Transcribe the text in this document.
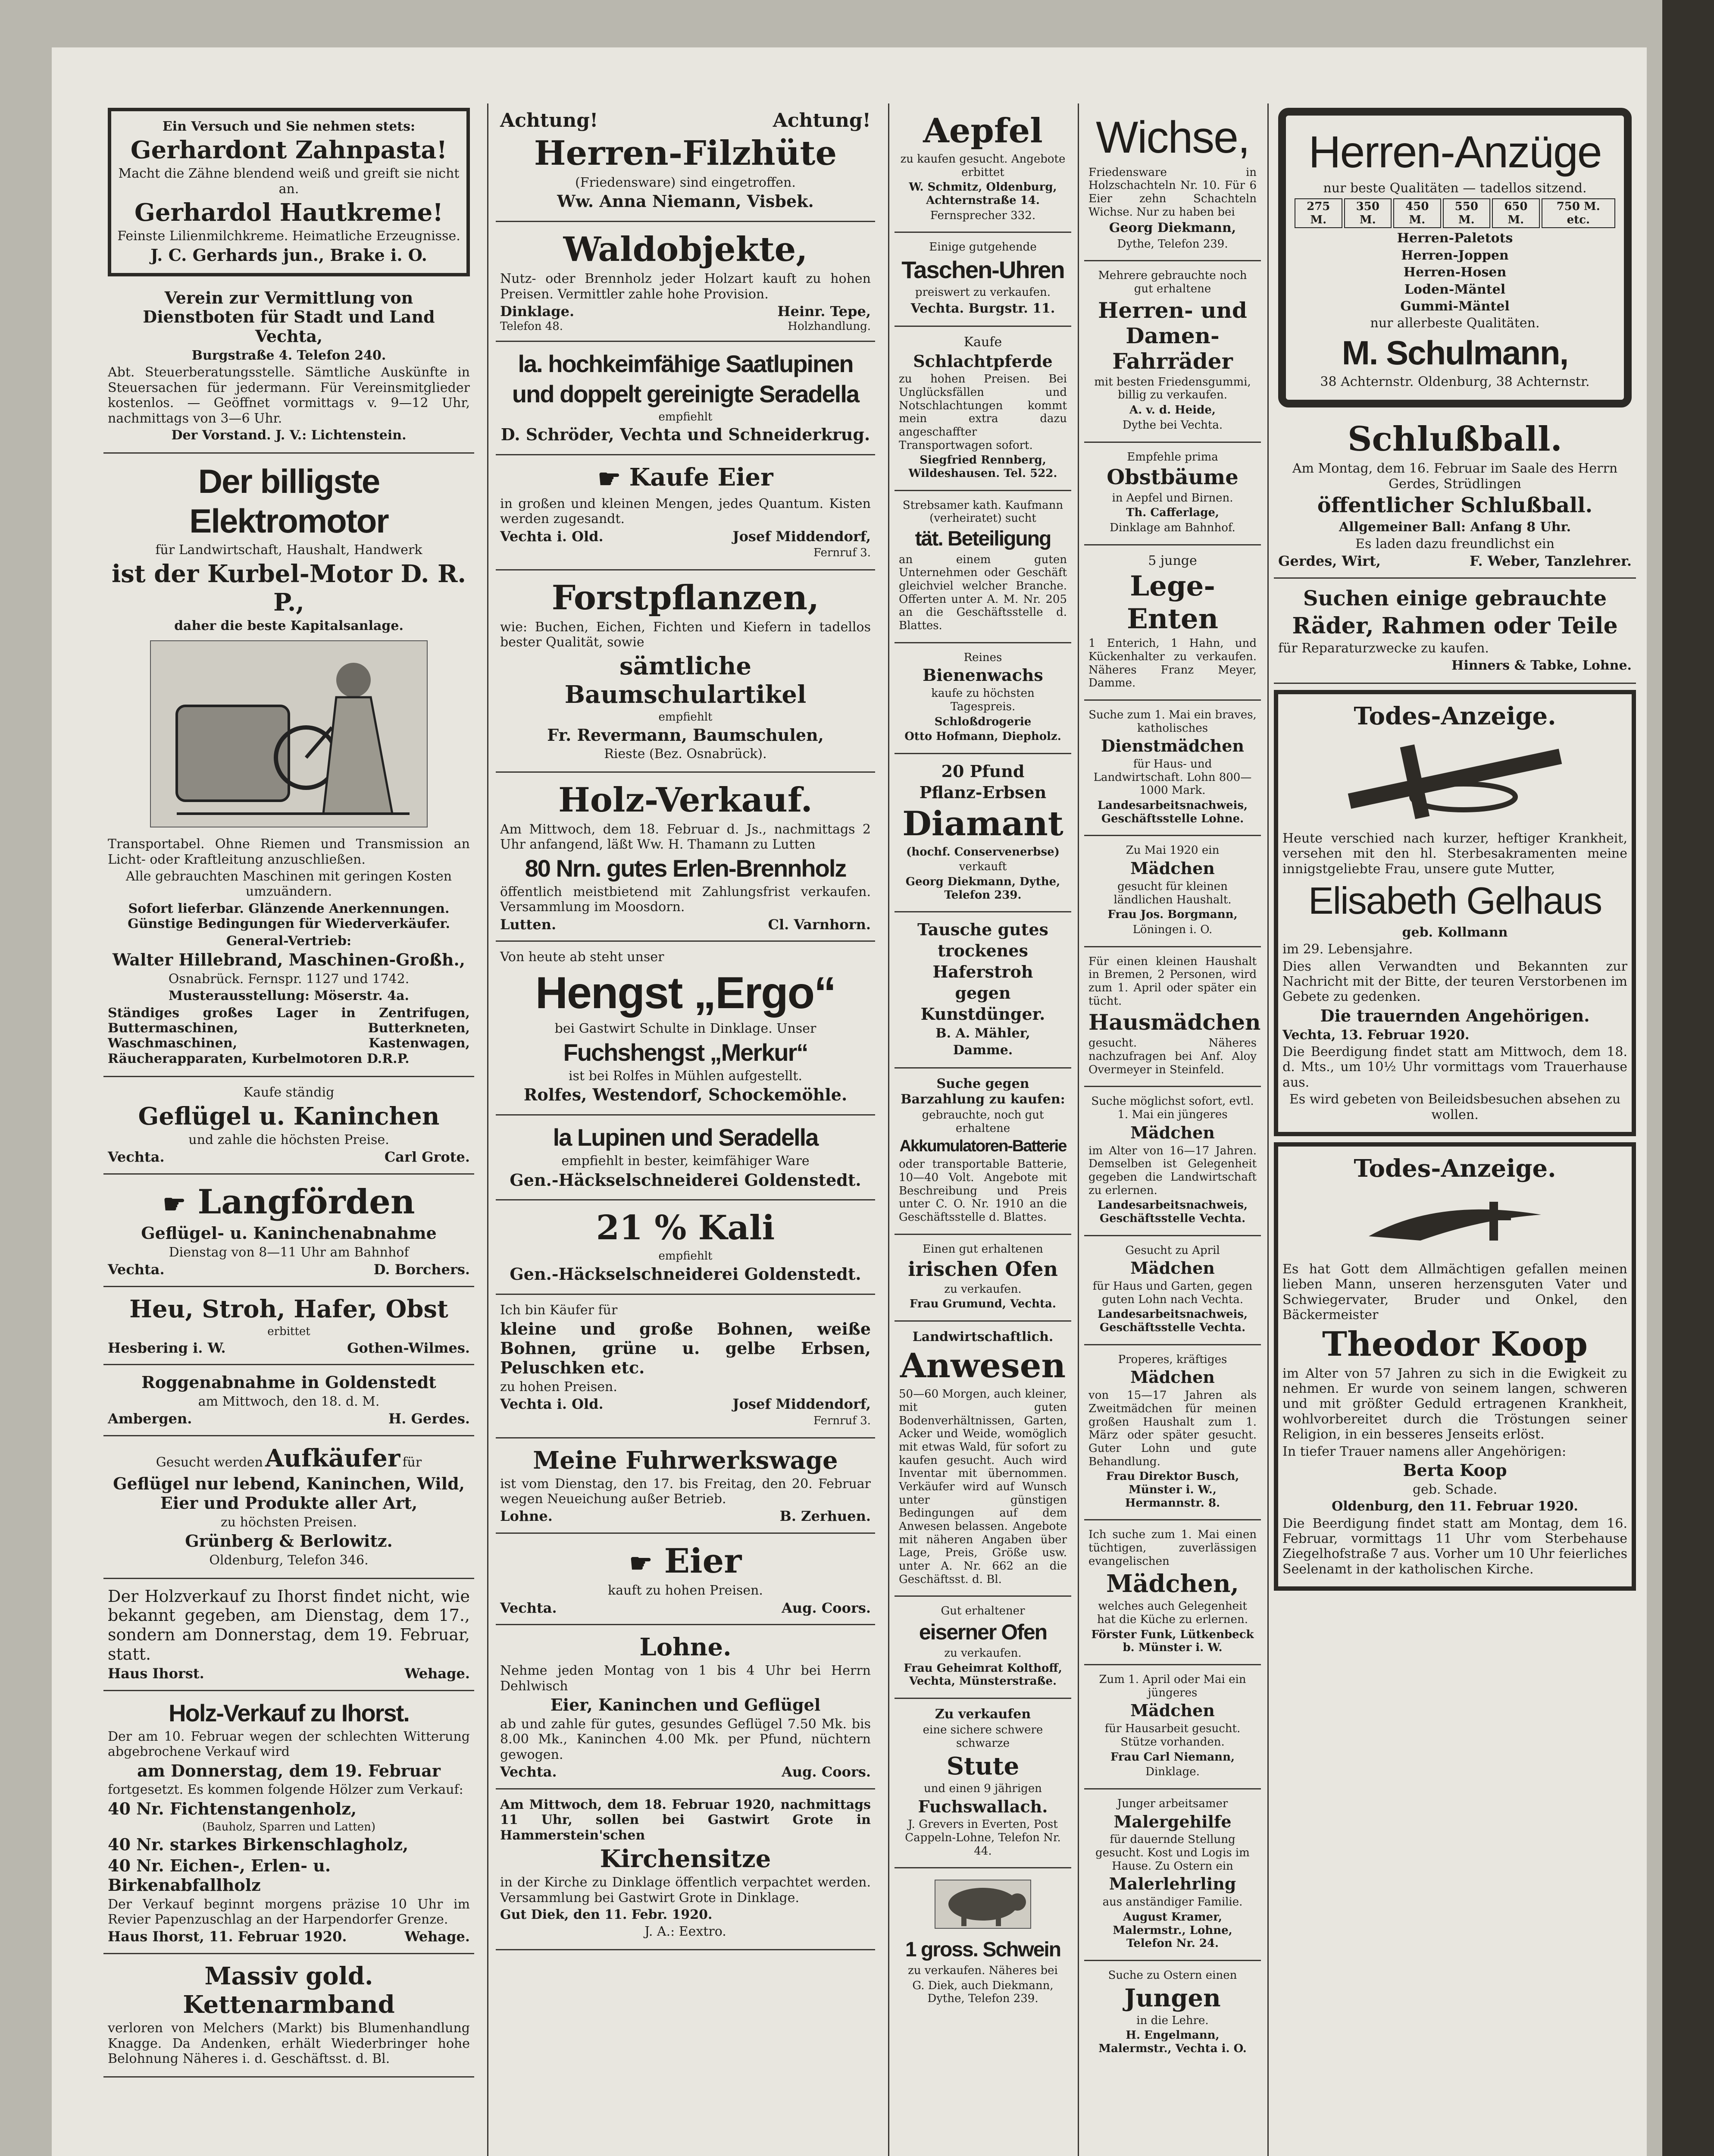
Ein Versuch und Sie nehmen stets:

Gerhardont Zahnpasta!

Macht die Zähne blendend weiß und greift sie nicht an.

Gerhardol Hautkreme!

Feinste Lilienmilchkreme. Heimatliche Erzeugnisse.

J. C. Gerhards jun., Brake i. O.

Verein zur Vermittlung von Dienstboten für Stadt und Land Vechta,

Burgstraße 4. Telefon 240.

Abt. Steuerberatungsstelle. Sämtliche Auskünfte in Steuersachen für jedermann. Für Vereinsmitglieder kostenlos. — Geöffnet vormittags v. 9—12 Uhr, nachmittags von 3—6 Uhr.

Der Vorstand. J. V.: Lichtenstein.

Der billigste Elektromotor

für Landwirtschaft, Haushalt, Handwerk

ist der Kurbel-Motor D. R. P.,

daher die beste Kapitalsanlage.

Transportabel. Ohne Riemen und Transmission an Licht- oder Kraftleitung anzuschließen.

Alle gebrauchten Maschinen mit geringen Kosten umzuändern.

Sofort lieferbar. Glänzende Anerkennungen. Günstige Bedingungen für Wiederverkäufer.

General-Vertrieb:

Walter Hillebrand, Maschinen-Großh.,

Osnabrück. Fernspr. 1127 und 1742.

Musterausstellung: Möserstr. 4a.

Ständiges großes Lager in Zentrifugen, Buttermaschinen, Butterkneten, Waschmaschinen, Kastenwagen, Räucherapparaten, Kurbelmotoren D.R.P.

Kaufe ständig

Geflügel u. Kaninchen

und zahle die höchsten Preise.

Vechta.	Carl Grote.

☛ Langförden

Geflügel- u. Kaninchenabnahme

Dienstag von 8—11 Uhr am Bahnhof

Vechta.	D. Borchers.

Heu, Stroh, Hafer, Obst

erbittet

Hesbering i. W.	Gothen-Wilmes.

Roggenabnahme in Goldenstedt

am Mittwoch, den 18. d. M.

Ambergen.	H. Gerdes.

Gesucht werden Aufkäufer für

Geflügel nur lebend, Kaninchen, Wild, Eier und Produkte aller Art,

zu höchsten Preisen.

Grünberg & Berlowitz.

Oldenburg, Telefon 346.

Der Holzverkauf zu Ihorst findet nicht, wie bekannt gegeben, am Dienstag, dem 17., sondern am Donnerstag, dem 19. Februar, statt.

Haus Ihorst.	Wehage.

Holz-Verkauf zu Ihorst.

Der am 10. Februar wegen der schlechten Witterung abgebrochene Verkauf wird

am Donnerstag, dem 19. Februar

fortgesetzt. Es kommen folgende Hölzer zum Verkauf:

40 Nr. Fichtenstangenholz,

(Bauholz, Sparren und Latten)

40 Nr. starkes Birkenschlagholz,

40 Nr. Eichen-, Erlen- u. Birkenabfallholz

Der Verkauf beginnt morgens präzise 10 Uhr im Revier Papenzuschlag an der Harpendorfer Grenze.

Haus Ihorst, 11. Februar 1920.	Wehage.

Massiv gold. Kettenarmband

verloren von Melchers (Markt) bis Blumenhandlung Knagge. Da Andenken, erhält Wiederbringer hohe Belohnung Näheres i. d. Geschäftsst. d. Bl.

Achtung!	Achtung!

Herren-Filzhüte

(Friedensware) sind eingetroffen.

Ww. Anna Niemann, Visbek.

Waldobjekte,

Nutz- oder Brennholz jeder Holzart kauft zu hohen Preisen. Vermittler zahle hohe Provision.

Dinklage.	Heinr. Tepe,
Telefon 48.	Holzhandlung.

la. hochkeimfähige Saatlupinen

und doppelt gereinigte Seradella

empfiehlt

D. Schröder, Vechta und Schneiderkrug.

☛ Kaufe Eier

in großen und kleinen Mengen, jedes Quantum. Kisten werden zugesandt.

Vechta i. Old.	Josef Middendorf,

Fernruf 3.

Forstpflanzen,

wie: Buchen, Eichen, Fichten und Kiefern in tadellos bester Qualität, sowie

sämtliche Baumschulartikel

empfiehlt

Fr. Revermann, Baumschulen,

Rieste (Bez. Osnabrück).

Holz-Verkauf.

Am Mittwoch, dem 18. Februar d. Js., nachmittags 2 Uhr anfangend, läßt Ww. H. Thamann zu Lutten

80 Nrn. gutes Erlen-Brennholz

öffentlich meistbietend mit Zahlungsfrist verkaufen. Versammlung im Moosdorn.

Lutten.	Cl. Varnhorn.

Von heute ab steht unser

Hengst „Ergo“

bei Gastwirt Schulte in Dinklage. Unser

Fuchshengst „Merkur“

ist bei Rolfes in Mühlen aufgestellt.

Rolfes, Westendorf, Schockemöhle.

la Lupinen und Seradella

empfiehlt in bester, keimfähiger Ware

Gen.-Häckselschneiderei Goldenstedt.

21 % Kali

empfiehlt

Gen.-Häckselschneiderei Goldenstedt.

Ich bin Käufer für

kleine und große Bohnen, weiße Bohnen, grüne u. gelbe Erbsen, Peluschken etc.

zu hohen Preisen.

Vechta i. Old.	Josef Middendorf,

Fernruf 3.

Meine Fuhrwerkswage

ist vom Dienstag, den 17. bis Freitag, den 20. Februar wegen Neueichung außer Betrieb.

Lohne.	B. Zerhuen.

☛ Eier

kauft zu hohen Preisen.

Vechta.	Aug. Coors.

Lohne.

Nehme jeden Montag von 1 bis 4 Uhr bei Herrn Dehlwisch

Eier, Kaninchen und Geflügel

ab und zahle für gutes, gesundes Geflügel 7.50 Mk. bis 8.00 Mk., Kaninchen 4.00 Mk. per Pfund, nüchtern gewogen.

Vechta.	Aug. Coors.

Am Mittwoch, dem 18. Februar 1920, nachmittags 11 Uhr, sollen bei Gastwirt Grote in Hammerstein'schen

Kirchensitze

in der Kirche zu Dinklage öffentlich verpachtet werden. Versammlung bei Gastwirt Grote in Dinklage.

Gut Diek, den 11. Febr. 1920.

J. A.: Eextro.

Aepfel

zu kaufen gesucht. Angebote erbittet

W. Schmitz, Oldenburg, Achternstraße 14.

Fernsprecher 332.

Einige gutgehende

Taschen-Uhren

preiswert zu verkaufen.

Vechta. Burgstr. 11.

Kaufe

Schlachtpferde

zu hohen Preisen. Bei Unglücksfällen und Notschlachtungen kommt mein extra dazu angeschaffter Transportwagen sofort.

Siegfried Rennberg, Wildeshausen. Tel. 522.

Strebsamer kath. Kaufmann (verheiratet) sucht

tät. Beteiligung

an einem guten Unternehmen oder Geschäft gleichviel welcher Branche. Offerten unter A. M. Nr. 205 an die Geschäftsstelle d. Blattes.

Reines

Bienenwachs

kaufe zu höchsten Tagespreis.

Schloßdrogerie

Otto Hofmann, Diepholz.

20 Pfund

Pflanz-Erbsen

Diamant

(hochf. Conservenerbse)

verkauft

Georg Diekmann, Dythe, Telefon 239.

Tausche gutes

trockenes

Haferstroh

gegen

Kunstdünger.

B. A. Mähler,

Damme.

Suche gegen Barzahlung zu kaufen:

gebrauchte, noch gut erhaltene

Akkumulatoren-Batterie

oder transportable Batterie, 10—40 Volt. Angebote mit Beschreibung und Preis unter C. O. Nr. 1910 an die Geschäftsstelle d. Blattes.

Einen gut erhaltenen

irischen Ofen

zu verkaufen.

Frau Grumund, Vechta.

Landwirtschaftlich.

Anwesen

50—60 Morgen, auch kleiner, mit guten Bodenverhältnissen, Garten, Acker und Weide, womöglich mit etwas Wald, für sofort zu kaufen gesucht. Auch wird Inventar mit übernommen. Verkäufer wird auf Wunsch unter günstigen Bedingungen auf dem Anwesen belassen. Angebote mit näheren Angaben über Lage, Preis, Größe usw. unter A. Nr. 662 an die Geschäftsst. d. Bl.

Gut erhaltener

eiserner Ofen

zu verkaufen.

Frau Geheimrat Kolthoff, Vechta, Münsterstraße.

Zu verkaufen

eine sichere schwere schwarze

Stute

und einen 9 jährigen

Fuchswallach.

J. Grevers in Everten, Post Cappeln-Lohne, Telefon Nr. 44.

1 gross. Schwein

zu verkaufen. Näheres bei

G. Diek, auch Diekmann, Dythe, Telefon 239.

Wichse,

Friedensware in Holzschachteln Nr. 10. Für 6 Eier zehn Schachteln Wichse. Nur zu haben bei

Georg Diekmann,

Dythe, Telefon 239.

Mehrere gebrauchte noch gut erhaltene

Herren- und Damen-Fahrräder

mit besten Friedensgummi, billig zu verkaufen.

A. v. d. Heide,

Dythe bei Vechta.

Empfehle prima

Obstbäume

in Aepfel und Birnen.

Th. Cafferlage,

Dinklage am Bahnhof.

5 junge

Lege-Enten

1 Enterich, 1 Hahn, und Kückenhalter zu verkaufen. Näheres Franz Meyer, Damme.

Suche zum 1. Mai ein braves, katholisches

Dienstmädchen

für Haus- und Landwirtschaft. Lohn 800—1000 Mark.

Landesarbeitsnachweis, Geschäftsstelle Lohne.

Zu Mai 1920 ein

Mädchen

gesucht für kleinen ländlichen Haushalt.

Frau Jos. Borgmann,

Löningen i. O.

Für einen kleinen Haushalt in Bremen, 2 Personen, wird zum 1. April oder später ein tücht.

Hausmädchen

gesucht. Näheres nachzufragen bei Anf. Aloy Overmeyer in Steinfeld.

Suche möglichst sofort, evtl. 1. Mai ein jüngeres

Mädchen

im Alter von 16—17 Jahren. Demselben ist Gelegenheit gegeben die Landwirtschaft zu erlernen.

Landesarbeitsnachweis, Geschäftsstelle Vechta.

Gesucht zu April

Mädchen

für Haus und Garten, gegen guten Lohn nach Vechta.

Landesarbeitsnachweis, Geschäftsstelle Vechta.

Properes, kräftiges

Mädchen

von 15—17 Jahren als Zweitmädchen für meinen großen Haushalt zum 1. März oder später gesucht. Guter Lohn und gute Behandlung.

Frau Direktor Busch, Münster i. W., Hermannstr. 8.

Ich suche zum 1. Mai einen tüchtigen, zuverlässigen evangelischen

Mädchen,

welches auch Gelegenheit hat die Küche zu erlernen.

Förster Funk, Lütkenbeck b. Münster i. W.

Zum 1. April oder Mai ein jüngeres

Mädchen

für Hausarbeit gesucht. Stütze vorhanden.

Frau Carl Niemann,

Dinklage.

Junger arbeitsamer

Malergehilfe

für dauernde Stellung gesucht. Kost und Logis im Hause. Zu Ostern ein

Malerlehrling

aus anständiger Familie.

August Kramer, Malermstr., Lohne, Telefon Nr. 24.

Suche zu Ostern einen

Jungen

in die Lehre.

H. Engelmann, Malermstr., Vechta i. O.

Herren-Anzüge

nur beste Qualitäten — tadellos sitzend.

275 M.
350 M.
450 M.
550 M.
650 M.
750 M. etc.

Herren-Paletots

Herren-Joppen

Herren-Hosen

Loden-Mäntel

Gummi-Mäntel

nur allerbeste Qualitäten.

M. Schulmann,

38 Achternstr. Oldenburg, 38 Achternstr.

Schlußball.

Am Montag, dem 16. Februar im Saale des Herrn Gerdes, Strüdlingen

öffentlicher Schlußball.

Allgemeiner Ball: Anfang 8 Uhr.

Es laden dazu freundlichst ein

Gerdes, Wirt,	F. Weber, Tanzlehrer.

Suchen einige gebrauchte

Räder, Rahmen oder Teile

für Reparaturzwecke zu kaufen.

Hinners & Tabke, Lohne.

Todes-Anzeige.

Heute verschied nach kurzer, heftiger Krankheit, versehen mit den hl. Sterbesakramenten meine innigstgeliebte Frau, unsere gute Mutter,

Elisabeth Gelhaus

geb. Kollmann

im 29. Lebensjahre.

Dies allen Verwandten und Bekannten zur Nachricht mit der Bitte, der teuren Verstorbenen im Gebete zu gedenken.

Die trauernden Angehörigen.

Vechta, 13. Februar 1920.

Die Beerdigung findet statt am Mittwoch, dem 18. d. Mts., um 10½ Uhr vormittags vom Trauerhause aus.

Es wird gebeten von Beileidsbesuchen absehen zu wollen.

Todes-Anzeige.

Es hat Gott dem Allmächtigen gefallen meinen lieben Mann, unseren herzensguten Vater und Schwiegervater, Bruder und Onkel, den Bäckermeister

Theodor Koop

im Alter von 57 Jahren zu sich in die Ewigkeit zu nehmen. Er wurde von seinem langen, schweren und mit größter Geduld ertragenen Krankheit, wohlvorbereitet durch die Tröstungen seiner Religion, in ein besseres Jenseits erlöst.

In tiefer Trauer namens aller Angehörigen:

Berta Koop

geb. Schade.

Oldenburg, den 11. Februar 1920.

Die Beerdigung findet statt am Montag, dem 16. Februar, vormittags 11 Uhr vom Sterbehause Ziegelhofstraße 7 aus. Vorher um 10 Uhr feierliches Seelenamt in der katholischen Kirche.
